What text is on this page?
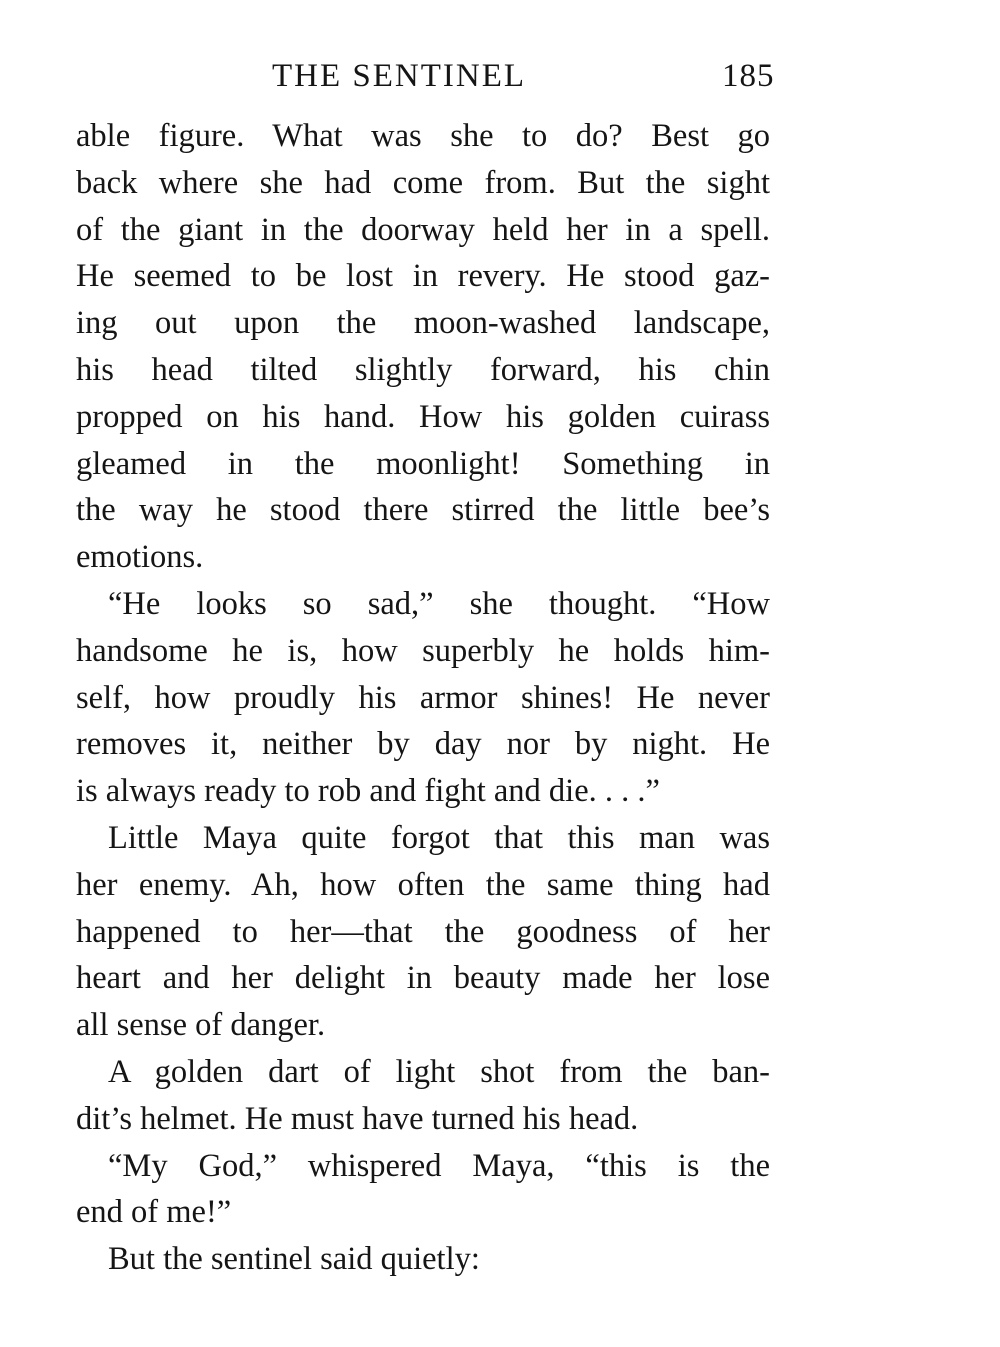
THE SENTINEL	185
able figure. What was she to do? Best go
back where she had come from. But the sight
of the giant in the doorway held her in a spell.
He seemed to be lost in revery. He stood gaz-
ing out upon the moon-washed landscape,
his head tilted slightly forward, his chin
propped on his hand. How his golden cuirass
gleamed in the moonlight! Something in
the way he stood there stirred the little bee’s
emotions.
“He looks so sad,” she thought. “How
handsome he is, how superbly he holds him-
self, how proudly his armor shines! He never
removes it, neither by day nor by night. He
is always ready to rob and fight and die. . . .”
Little Maya quite forgot that this man was
her enemy. Ah, how often the same thing had
happened to her—that the goodness of her
heart and her delight in beauty made her lose
all sense of danger.
A golden dart of light shot from the ban-
dit’s helmet. He must have turned his head.
“My God,” whispered Maya, “this is the
end of me!”
But the sentinel said quietly:
